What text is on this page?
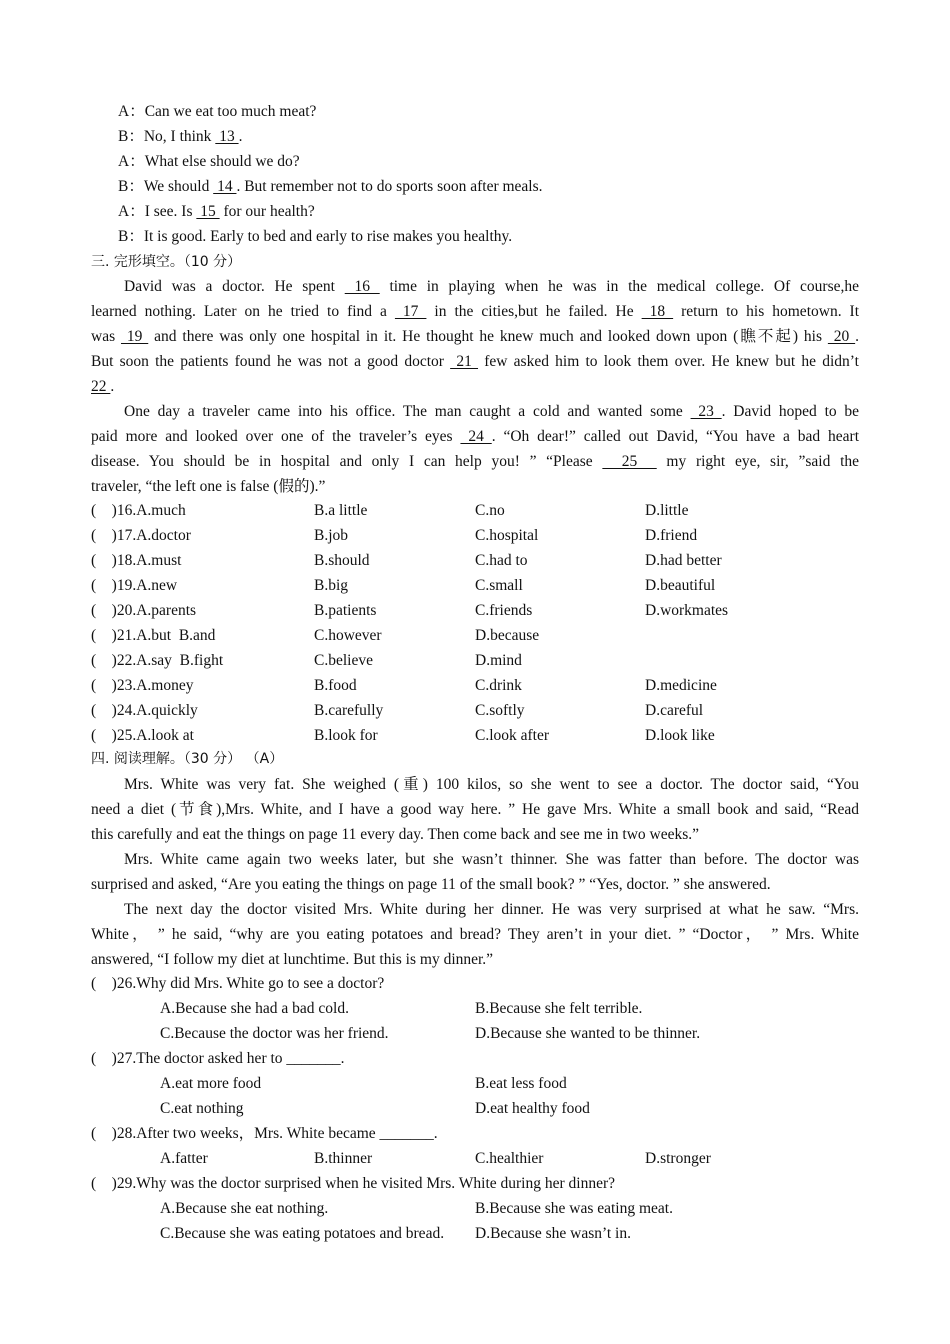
A：Can we eat too much meat?
B：No, I think  13 .
A：What else should we do?
B：We should  14 . But remember not to do sports soon after meals.
A：I see. Is  15  for our health?
B：It is good. Early to bed and early to rise makes you healthy.
三. 完形填空。（10 分）
David was a doctor. He spent  16  time in playing when he was in the medical college. Of course,he
learned nothing. Later on he tried to find a  17  in the cities,but he failed. He  18  return to his hometown. It
was  19  and there was only one hospital in it. He thought he knew much and looked down upon (瞧不起) his  20 .
But soon the patients found he was not a good doctor  21  few asked him to look them over. He knew but he didn’t
22 .
One day a traveler came into his office. The man caught a cold and wanted some  23 . David hoped to be
paid more and looked over one of the traveler’s eyes  24 . “Oh dear!” called out David, “You have a bad heart
disease. You should be in hospital and only I can help you! ” “Please   25   my right eye, sir, ”said the
traveler, “the left one is false (假的).”
(    )16.A.much	B.a little	C.no	D.little
(    )17.A.doctor	B.job	C.hospital	D.friend
(    )18.A.must	B.should	C.had to	D.had better
(    )19.A.new	B.big	C.small	D.beautiful
(    )20.A.parents	B.patients	C.friends	D.workmates
(    )21.A.but  B.and	C.however	D.because
(    )22.A.say  B.fight	C.believe	D.mind
(    )23.A.money	B.food	C.drink	D.medicine
(    )24.A.quickly	B.carefully	C.softly	D.careful
(    )25.A.look at	B.look for	C.look after	D.look like
四. 阅读理解。（30 分） （A）
Mrs. White was very fat. She weighed (重) 100 kilos, so she went to see a doctor. The doctor said, “You
need a diet (节食),Mrs. White, and I have a good way here. ” He gave Mrs. White a small book and said, “Read
this carefully and eat the things on page 11 every day. Then come back and see me in two weeks.”
Mrs. White came again two weeks later, but she wasn’t thinner. She was fatter than before. The doctor was
surprised and asked, “Are you eating the things on page 11 of the small book? ” “Yes, doctor. ” she answered.
The next day the doctor visited Mrs. White during her dinner. He was very surprised at what he saw. “Mrs.
White， ” he said, “why are you eating potatoes and bread? They aren’t in your diet. ” “Doctor， ” Mrs. White
answered, “I follow my diet at lunchtime. But this is my dinner.”
(    )26.Why did Mrs. White go to see a doctor?
A.Because she had a bad cold.	B.Because she felt terrible.
C.Because the doctor was her friend.	D.Because she wanted to be thinner.
(    )27.The doctor asked her to _______.
A.eat more food	B.eat less food
C.eat nothing	D.eat healthy food
(    )28.After two weeks，Mrs. White became _______.
A.fatter	B.thinner	C.healthier	D.stronger
(    )29.Why was the doctor surprised when he visited Mrs. White during her dinner?
A.Because she eat nothing.	B.Because she was eating meat.
C.Because she was eating potatoes and bread. D.Because she wasn’t in.
